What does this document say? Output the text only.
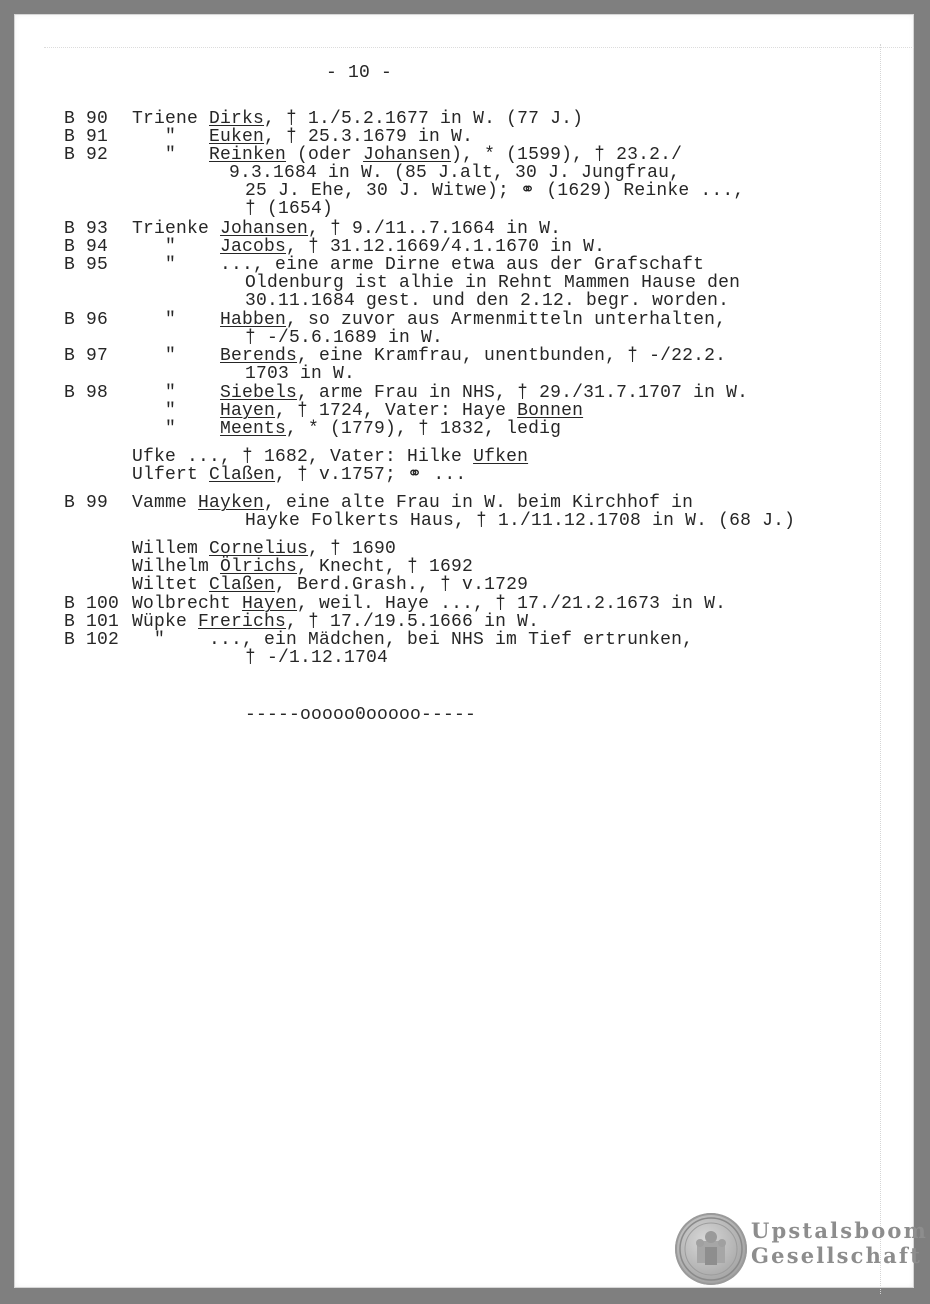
- 10 -
B 90 Triene Dirks, † 1./5.2.1677 in W. (77 J.)
B 91 "   Euken, † 25.3.1679 in W.
B 92 "   Reinken (oder Johansen), * (1599), † 23.2./
9.3.1684 in W. (85 J.alt, 30 J. Jungfrau,
25 J. Ehe, 30 J. Witwe); ⚭ (1629) Reinke ...,
† (1654)
B 93 Trienke Johansen, † 9./11..7.1664 in W.
B 94 "    Jacobs, † 31.12.1669/4.1.1670 in W.
B 95 "    ..., eine arme Dirne etwa aus der Grafschaft
Oldenburg ist alhie in Rehnt Mammen Hause den
30.11.1684 gest. und den 2.12. begr. worden.
B 96 "    Habben, so zuvor aus Armenmitteln unterhalten,
† -/5.6.1689 in W.
B 97 "    Berends, eine Kramfrau, unentbunden, † -/22.2.
1703 in W.
B 98 "    Siebels, arme Frau in NHS, † 29./31.7.1707 in W.
"    Hayen, † 1724, Vater: Haye Bonnen
"    Meents, * (1779), † 1832, ledig
Ufke ..., † 1682, Vater: Hilke Ufken
Ulfert Claßen, † v.1757; ⚭ ...
B 99 Vamme Hayken, eine alte Frau in W. beim Kirchhof in
Hayke Folkerts Haus, † 1./11.12.1708 in W. (68 J.)
Willem Cornelius, † 1690
Wilhelm Ölrichs, Knecht, † 1692
Wiltet Claßen, Berd.Grash., † v.1729
B 100 Wolbrecht Hayen, weil. Haye ..., † 17./21.2.1673 in W.
B 101 Wüpke Frerichs, † 17./19.5.1666 in W.
B 102 "    ..., ein Mädchen, bei NHS im Tief ertrunken,
† -/1.12.1704
-----ooooo0ooooo-----
Upstalsboom
Gesellschaft
